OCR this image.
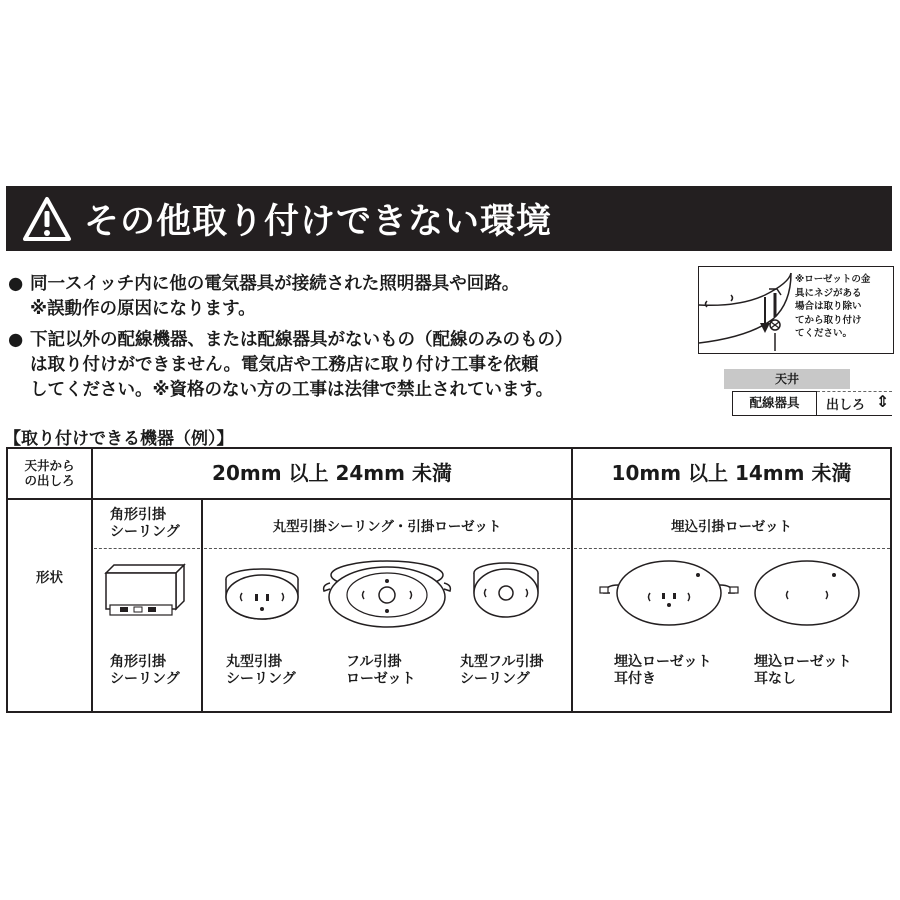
その他取り付けできない環境
● 同一スイッチ内に他の電気器具が接続された照明器具や回路。
※誤動作の原因になります。
● 下記以外の配線機器、または配線器具がないもの（配線のみのもの）
は取り付けができません。電気店や工務店に取り付け工事を依頼
してください。※資格のない方の工事は法律で禁止されています。
※ローゼットの金
具にネジがある
場合は取り除い
てから取り付け
てください。
天井
配線器具	出しろ ⇕
【取り付けできる機器（例）】
天井から
の出しろ	20mm 以上 24mm 未満	10mm 以上 14mm 未満
形状
角形引掛
シーリング	丸型引掛シーリング・引掛ローゼット	埋込引掛ローゼット
角形引掛
シーリング
丸型引掛
シーリング
フル引掛
ローゼット
丸型フル引掛
シーリング
埋込ローゼット
耳付き
埋込ローゼット
耳なし
